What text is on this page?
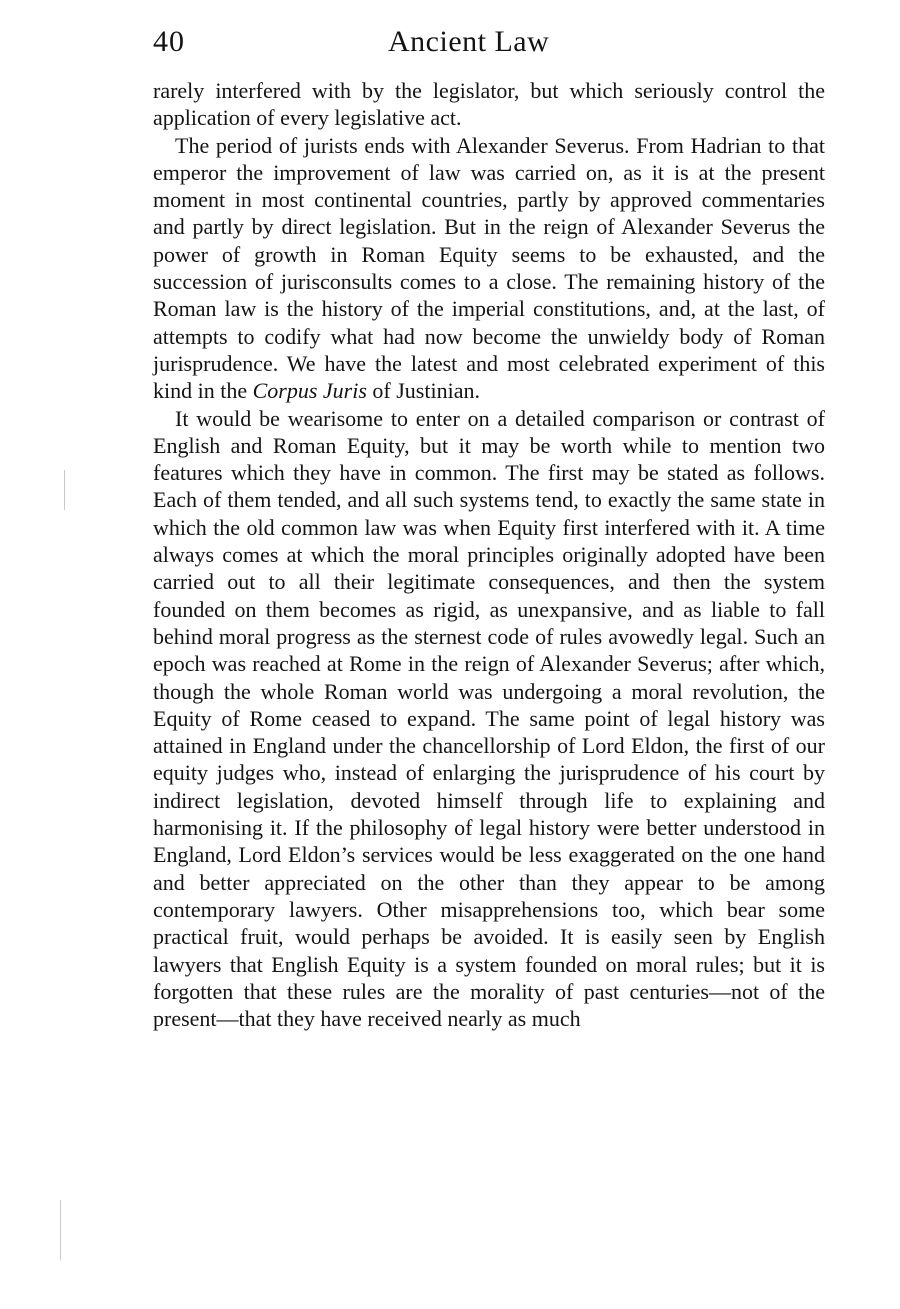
40	Ancient Law

rarely interfered with by the legislator, but which seriously control the application of every legislative act.

The period of jurists ends with Alexander Severus. From Hadrian to that emperor the improvement of law was carried on, as it is at the present moment in most continental countries, partly by approved commentaries and partly by direct legislation. But in the reign of Alexander Severus the power of growth in Roman Equity seems to be exhausted, and the succession of jurisconsults comes to a close. The remaining history of the Roman law is the history of the imperial constitutions, and, at the last, of attempts to codify what had now become the unwieldy body of Roman jurisprudence. We have the latest and most celebrated experiment of this kind in the Corpus Juris of Justinian.

It would be wearisome to enter on a detailed comparison or contrast of English and Roman Equity, but it may be worth while to mention two features which they have in common. The first may be stated as follows. Each of them tended, and all such systems tend, to exactly the same state in which the old common law was when Equity first interfered with it. A time always comes at which the moral principles originally adopted have been carried out to all their legitimate consequences, and then the system founded on them becomes as rigid, as unexpansive, and as liable to fall behind moral progress as the sternest code of rules avowedly legal. Such an epoch was reached at Rome in the reign of Alexander Severus; after which, though the whole Roman world was undergoing a moral revolution, the Equity of Rome ceased to expand. The same point of legal history was attained in England under the chancellorship of Lord Eldon, the first of our equity judges who, instead of enlarging the jurisprudence of his court by indirect legislation, devoted himself through life to explaining and harmonising it. If the philosophy of legal history were better understood in England, Lord Eldon’s services would be less exaggerated on the one hand and better appreciated on the other than they appear to be among contemporary lawyers. Other misapprehensions too, which bear some practical fruit, would perhaps be avoided. It is easily seen by English lawyers that English Equity is a system founded on moral rules; but it is forgotten that these rules are the morality of past centuries—not of the present—that they have received nearly as much
